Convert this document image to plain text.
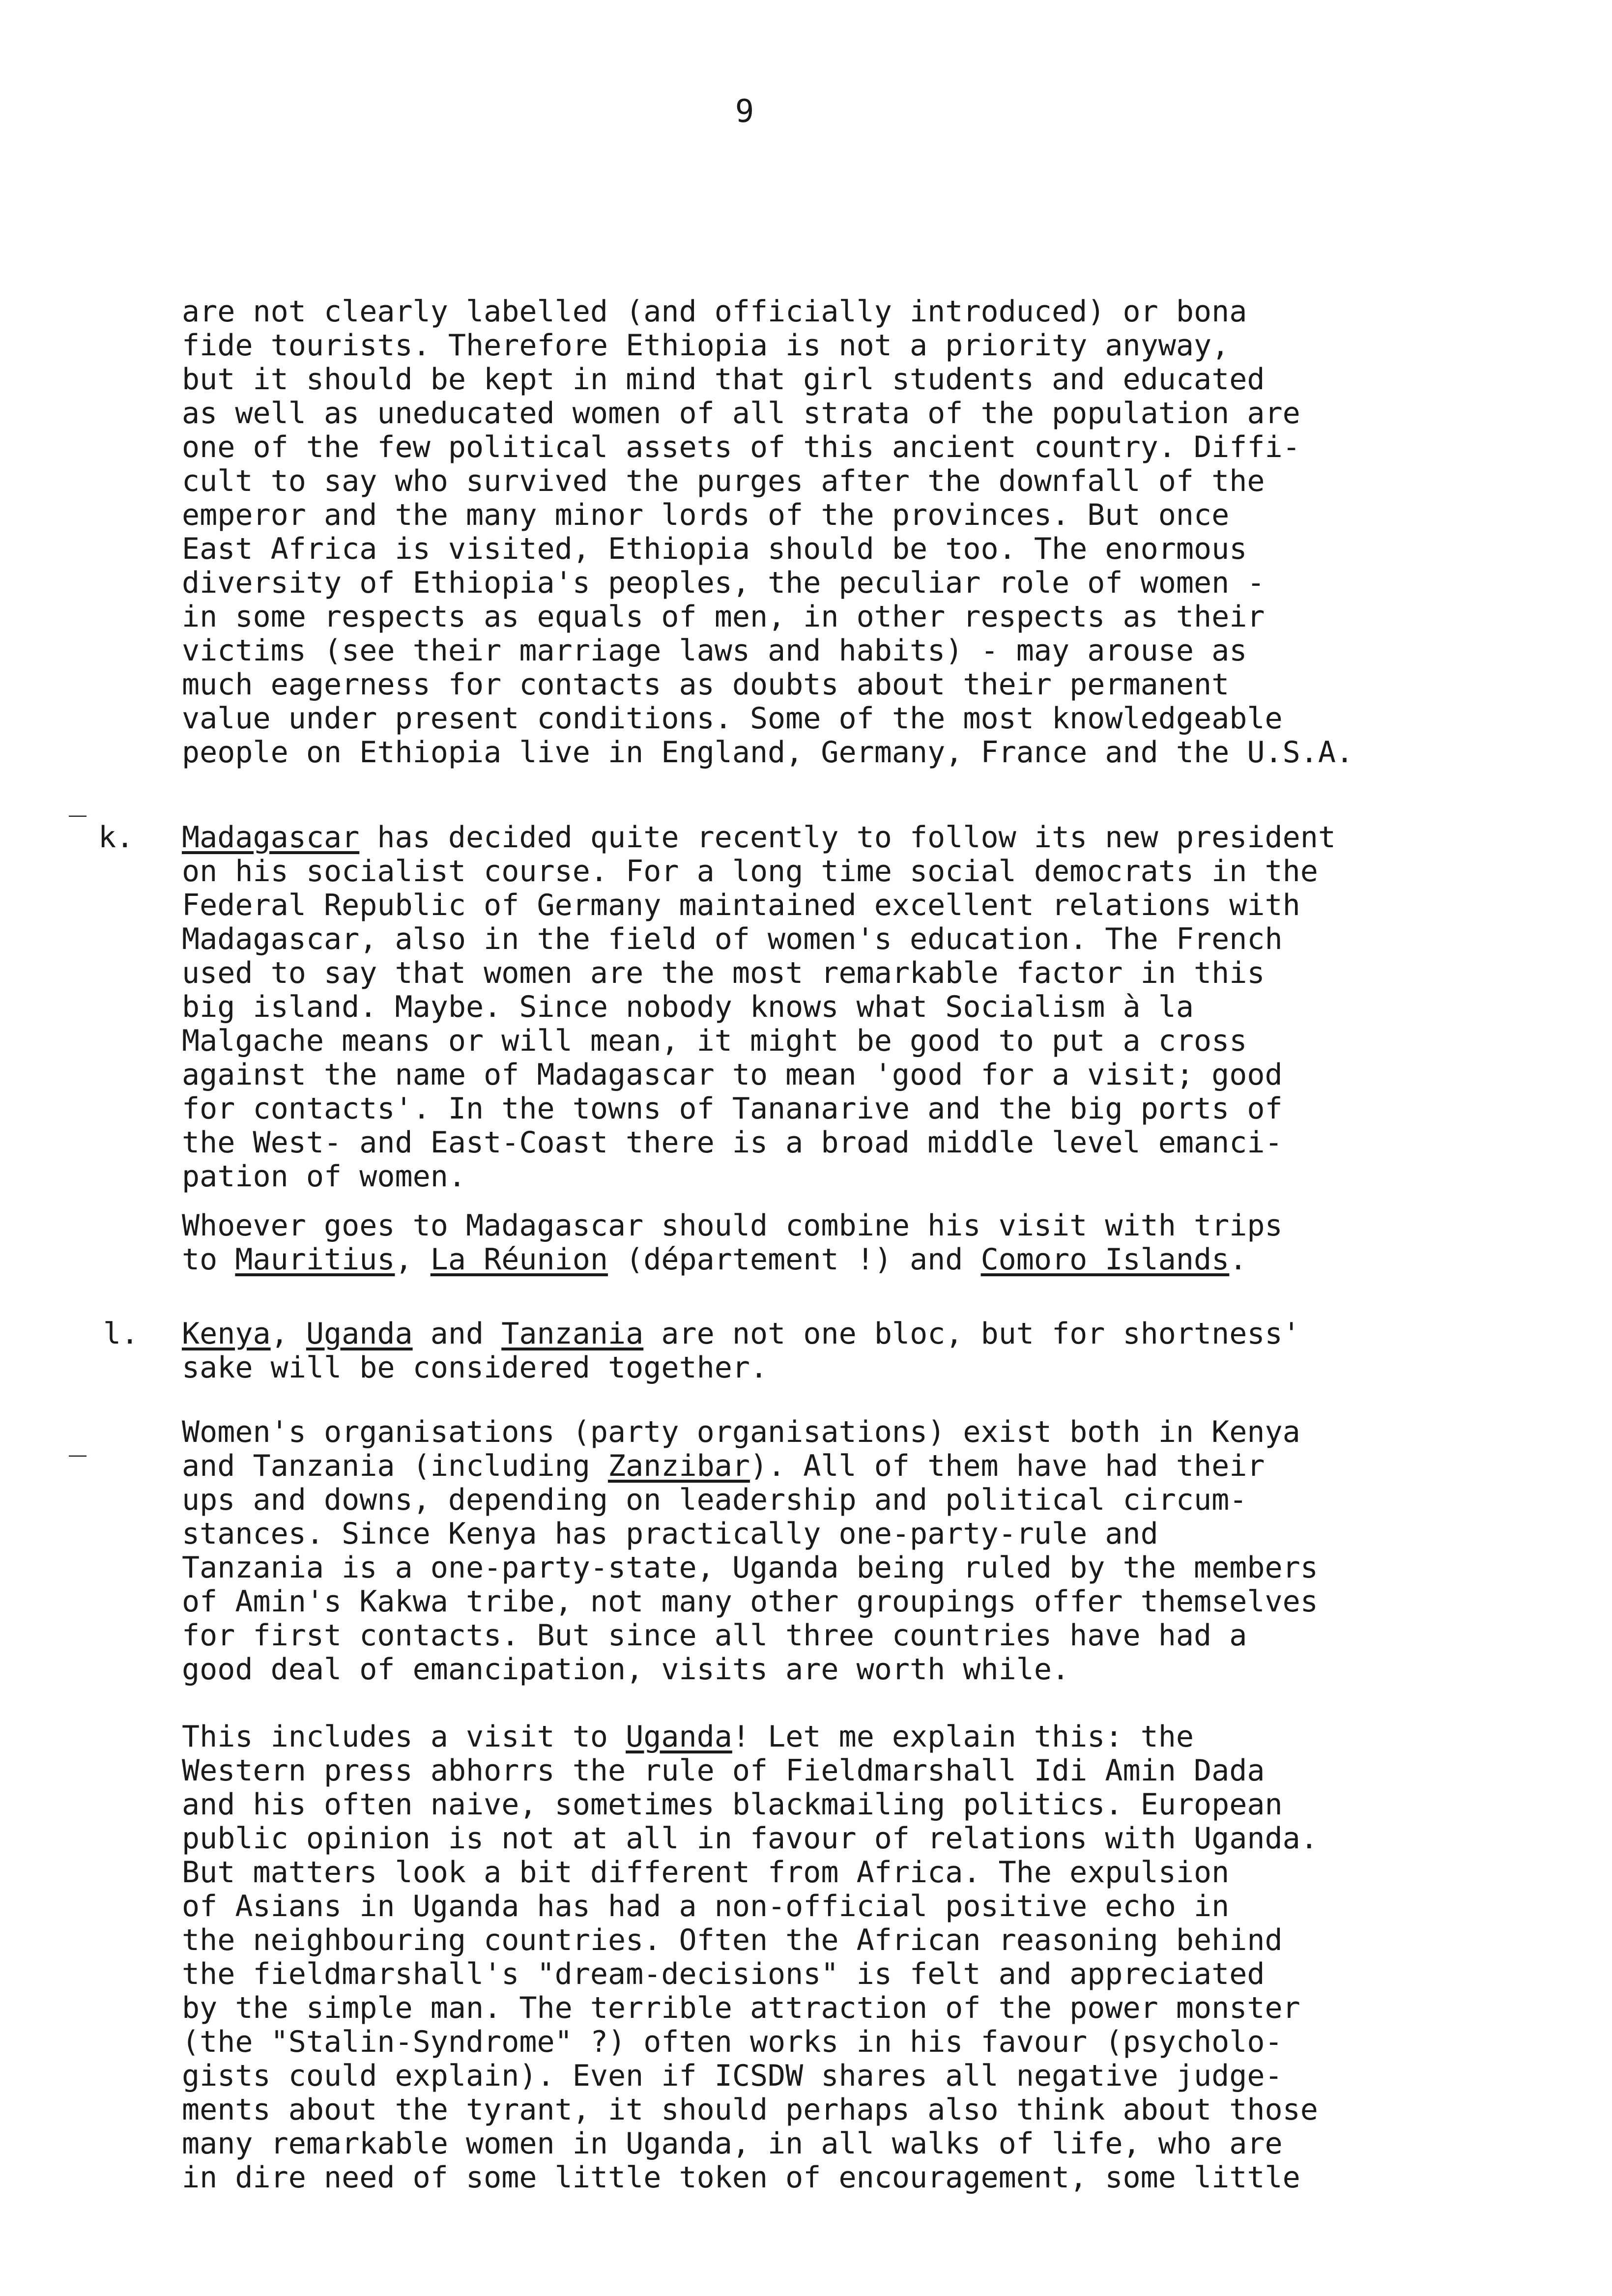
9
are not clearly labelled (and officially introduced) or bona
fide tourists. Therefore Ethiopia is not a priority anyway,
but it should be kept in mind that girl students and educated
as well as uneducated women of all strata of the population are
one of the few political assets of this ancient country. Diffi-
cult to say who survived the purges after the downfall of the
emperor and the many minor lords of the provinces. But once
East Africa is visited, Ethiopia should be too. The enormous
diversity of Ethiopia's peoples, the peculiar role of women -
in some respects as equals of men, in other respects as their
victims (see their marriage laws and habits) - may arouse as
much eagerness for contacts as doubts about their permanent
value under present conditions. Some of the most knowledgeable
people on Ethiopia live in England, Germany, France and the U.S.A.
‾ k. Madagascar has decided quite recently to follow its new president
on his socialist course. For a long time social democrats in the
Federal Republic of Germany maintained excellent relations with
Madagascar, also in the field of women's education. The French
used to say that women are the most remarkable factor in this
big island. Maybe. Since nobody knows what Socialism à la
Malgache means or will mean, it might be good to put a cross
against the name of Madagascar to mean 'good for a visit; good
for contacts'. In the towns of Tananarive and the big ports of
the West- and East-Coast there is a broad middle level emanci-
pation of women.
Whoever goes to Madagascar should combine his visit with trips
to Mauritius, La Réunion (département !) and Comoro Islands.
l. Kenya, Uganda and Tanzania are not one bloc, but for shortness'
sake will be considered together.
_	Women's organisations (party organisations) exist both in Kenya
and Tanzania (including Zanzibar). All of them have had their
ups and downs, depending on leadership and political circum-
stances. Since Kenya has practically one-party-rule and
Tanzania is a one-party-state, Uganda being ruled by the members
of Amin's Kakwa tribe, not many other groupings offer themselves
for first contacts. But since all three countries have had a
good deal of emancipation, visits are worth while.
This includes a visit to Uganda! Let me explain this: the
Western press abhorrs the rule of Fieldmarshall Idi Amin Dada
and his often naive, sometimes blackmailing politics. European
public opinion is not at all in favour of relations with Uganda.
But matters look a bit different from Africa. The expulsion
of Asians in Uganda has had a non-official positive echo in
the neighbouring countries. Often the African reasoning behind
the fieldmarshall's "dream-decisions" is felt and appreciated
by the simple man. The terrible attraction of the power monster
(the "Stalin-Syndrome" ?) often works in his favour (psycholo-
gists could explain). Even if ICSDW shares all negative judge-
ments about the tyrant, it should perhaps also think about those
many remarkable women in Uganda, in all walks of life, who are
in dire need of some little token of encouragement, some little
